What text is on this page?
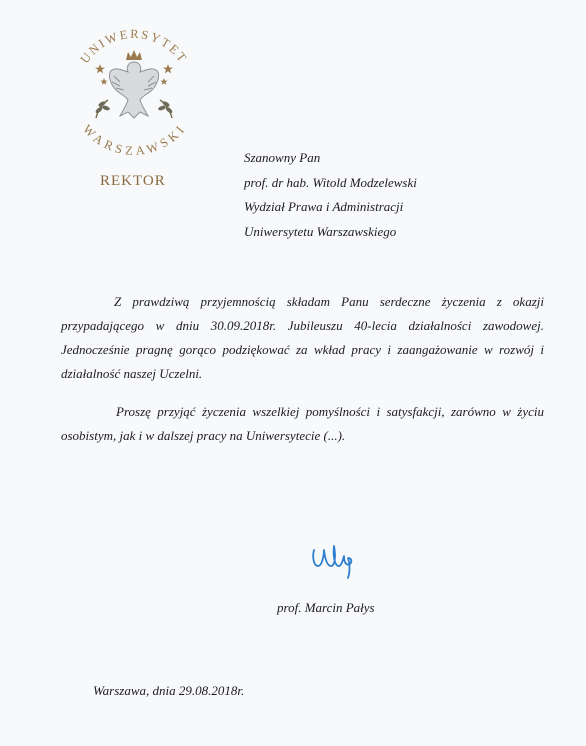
UNIWERSYTET
WARSZAWSKI
REKTOR
Szanowny Pan
prof. dr hab. Witold Modzelewski
Wydział Prawa i Administracji
Uniwersytetu Warszawskiego

Z prawdziwą przyjemnością składam Panu serdeczne życzenia z okazji przypadającego w dniu 30.09.2018r. Jubileuszu 40-lecia działalności zawodowej. Jednocześnie pragnę gorąco podziękować za wkład pracy i zaangażowanie w rozwój i działalność naszej Uczelni.

Proszę przyjąć życzenia wszelkiej pomyślności i satysfakcji, zarówno w życiu osobistym, jak i w dalszej pracy na Uniwersytecie (...).

prof. Marcin Pałys
Warszawa, dnia 29.08.2018r.
